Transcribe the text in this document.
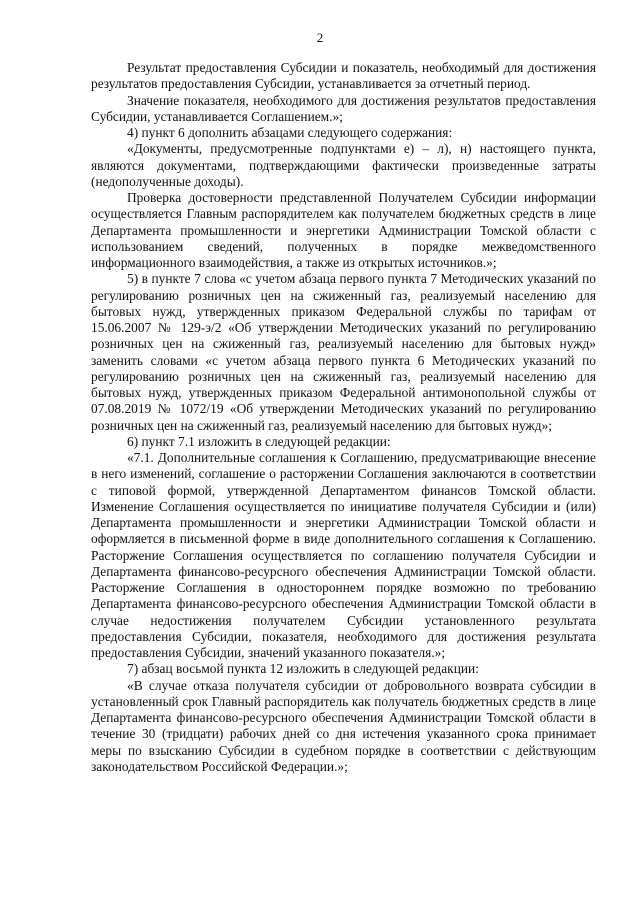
2

Результат предоставления Субсидии и показатель, необходимый для достижения результатов предоставления Субсидии, устанавливается за отчетный период.

Значение показателя, необходимого для достижения результатов предоставления Субсидии, устанавливается Соглашением.»;

4) пункт 6 дополнить абзацами следующего содержания:

«Документы, предусмотренные подпунктами е) – л), н) настоящего пункта, являются документами, подтверждающими фактически произведенные затраты (недополученные доходы).

Проверка достоверности представленной Получателем Субсидии информации осуществляется Главным распорядителем как получателем бюджетных средств в лице Департамента промышленности и энергетики Администрации Томской области с использованием сведений, полученных в порядке межведомственного информационного взаимодействия, а также из открытых источников.»;

5) в пункте 7 слова «с учетом абзаца первого пункта 7 Методических указаний по регулированию розничных цен на сжиженный газ, реализуемый населению для бытовых нужд, утвержденных приказом Федеральной службы по тарифам от 15.06.2007 № 129-э/2 «Об утверждении Методических указаний по регулированию розничных цен на сжиженный газ, реализуемый населению для бытовых нужд» заменить словами «с учетом абзаца первого пункта 6 Методических указаний по регулированию розничных цен на сжиженный газ, реализуемый населению для бытовых нужд, утвержденных приказом Федеральной антимонопольной службы от 07.08.2019 № 1072/19 «Об утверждении Методических указаний по регулированию розничных цен на сжиженный газ, реализуемый населению для бытовых нужд»;

6) пункт 7.1 изложить в следующей редакции:

«7.1. Дополнительные соглашения к Соглашению, предусматривающие внесение в него изменений, соглашение о расторжении Соглашения заключаются в соответствии с типовой формой, утвержденной Департаментом финансов Томской области. Изменение Соглашения осуществляется по инициативе получателя Субсидии и (или) Департамента промышленности и энергетики Администрации Томской области и оформляется в письменной форме в виде дополнительного соглашения к Соглашению. Расторжение Соглашения осуществляется по соглашению получателя Субсидии и Департамента финансово-ресурсного обеспечения Администрации Томской области. Расторжение Соглашения в одностороннем порядке возможно по требованию Департамента финансово-ресурсного обеспечения Администрации Томской области в случае недостижения получателем Субсидии установленного результата предоставления Субсидии, показателя, необходимого для достижения результата предоставления Субсидии, значений указанного показателя.»;

7) абзац восьмой пункта 12 изложить в следующей редакции:

«В случае отказа получателя субсидии от добровольного возврата субсидии в установленный срок Главный распорядитель как получатель бюджетных средств в лице Департамента финансово-ресурсного обеспечения Администрации Томской области в течение 30 (тридцати) рабочих дней со дня истечения указанного срока принимает меры по взысканию Субсидии в судебном порядке в соответствии с действующим законодательством Российской Федерации.»;
